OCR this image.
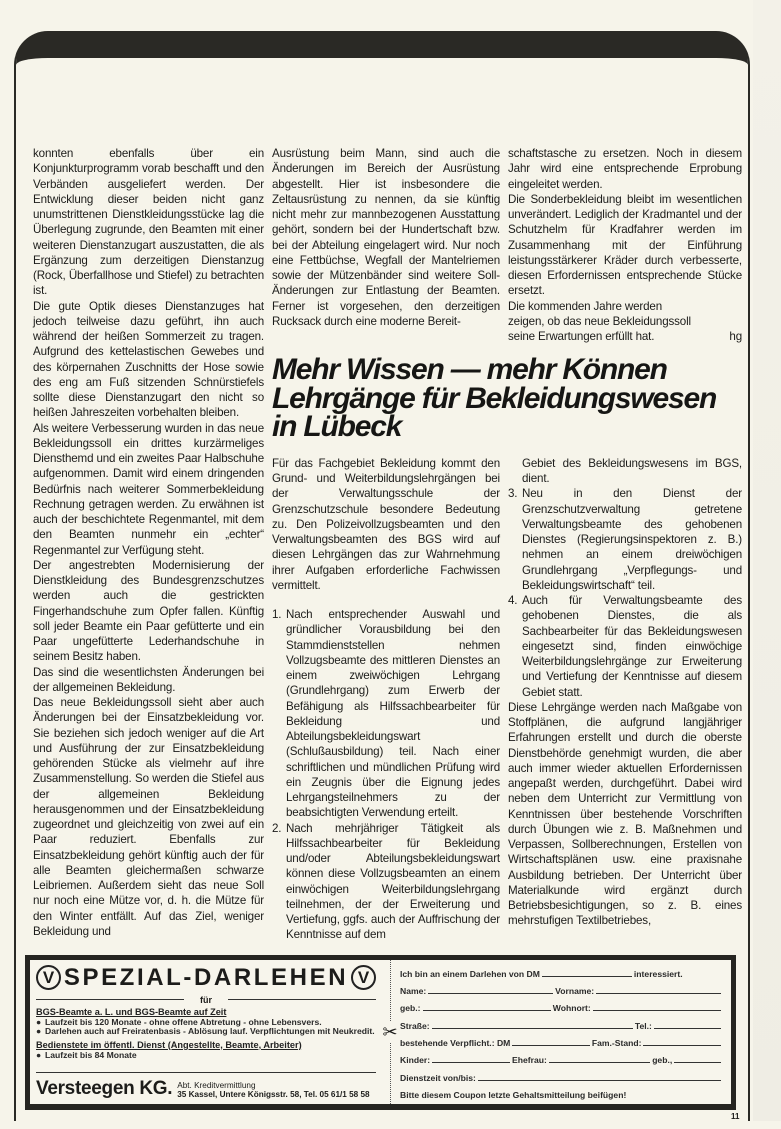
konnten ebenfalls über ein Konjunkturprogramm vorab beschafft und den Verbänden ausgeliefert werden. Der Entwicklung dieser beiden nicht ganz unumstrittenen Dienstkleidungsstücke lag die Überlegung zugrunde, den Beamten mit einer weiteren Dienstanzugart auszustatten, die als Ergänzung zum derzeitigen Dienstanzug (Rock, Überfallhose und Stiefel) zu betrachten ist.

Die gute Optik dieses Dienstanzuges hat jedoch teilweise dazu geführt, ihn auch während der heißen Sommerzeit zu tragen. Aufgrund des kettelastischen Gewebes und des körpernahen Zuschnitts der Hose sowie des eng am Fuß sitzenden Schnürstiefels sollte diese Dienstanzugart den nicht so heißen Jahreszeiten vorbehalten bleiben.

Als weitere Verbesserung wurden in das neue Bekleidungssoll ein drittes kurzärmeliges Diensthemd und ein zweites Paar Halbschuhe aufgenommen. Damit wird einem dringenden Bedürfnis nach weiterer Sommerbekleidung Rechnung getragen werden. Zu erwähnen ist auch der beschichtete Regenmantel, mit dem den Beamten nunmehr ein „echter“ Regenmantel zur Verfügung steht.

Der angestrebten Modernisierung der Dienstkleidung des Bundesgrenzschutzes werden auch die gestrickten Fingerhandschuhe zum Opfer fallen. Künftig soll jeder Beamte ein Paar gefütterte und ein Paar ungefütterte Lederhandschuhe in seinem Besitz haben.

Das sind die wesentlichsten Änderungen bei der allgemeinen Bekleidung.

Das neue Bekleidungssoll sieht aber auch Änderungen bei der Einsatzbekleidung vor. Sie beziehen sich jedoch weniger auf die Art und Ausführung der zur Einsatzbekleidung gehörenden Stücke als vielmehr auf ihre Zusammenstellung. So werden die Stiefel aus der allgemeinen Bekleidung herausgenommen und der Einsatzbekleidung zugeordnet und gleichzeitig von zwei auf ein Paar reduziert. Ebenfalls zur Einsatzbekleidung gehört künftig auch der für alle Beamten gleichermaßen schwarze Leibriemen. Außerdem sieht das neue Soll nur noch eine Mütze vor, d. h. die Mütze für den Winter entfällt. Auf das Ziel, weniger Bekleidung und

Ausrüstung beim Mann, sind auch die Änderungen im Bereich der Ausrüstung abgestellt. Hier ist insbesondere die Zeltausrüstung zu nennen, da sie künftig nicht mehr zur mannbezogenen Ausstattung gehört, sondern bei der Hundertschaft bzw. bei der Abteilung eingelagert wird. Nur noch eine Fettbüchse, Wegfall der Mantelriemen sowie der Mützenbänder sind weitere Soll-Änderungen zur Entlastung der Beamten. Ferner ist vorgesehen, den derzeitigen Rucksack durch eine moderne Bereit-

schaftstasche zu ersetzen. Noch in diesem Jahr wird eine entsprechende Erprobung eingeleitet werden.

Die Sonderbekleidung bleibt im wesentlichen unverändert. Lediglich der Kradmantel und der Schutzhelm für Kradfahrer werden im Zusammenhang mit der Einführung leistungsstärkerer Kräder durch verbesserte, diesen Erfordernissen entsprechende Stücke ersetzt.

Die kommenden Jahre werden zeigen, ob das neue Bekleidungssoll seine Erwartungen erfüllt hat.	hg
Mehr Wissen — mehr Können
Lehrgänge für Bekleidungswesen
in Lübeck

Für das Fachgebiet Bekleidung kommt den Grund- und Weiterbildungslehrgängen bei der Verwaltungsschule der Grenzschutzschule besondere Bedeutung zu. Den Polizeivollzugsbeamten und den Verwaltungsbeamten des BGS wird auf diesen Lehrgängen das zur Wahrnehmung ihrer Aufgaben erforderliche Fachwissen vermittelt.

1. Nach entsprechender Auswahl und gründlicher Vorausbildung bei den Stammdienststellen nehmen Vollzugsbeamte des mittleren Dienstes an einem zweiwöchigen Lehrgang (Grundlehrgang) zum Erwerb der Befähigung als Hilfssachbearbeiter für Bekleidung und Abteilungsbekleidungswart (Schlußausbildung) teil. Nach einer schriftlichen und mündlichen Prüfung wird ein Zeugnis über die Eignung jedes Lehrgangsteilnehmers zu der beabsichtigten Verwendung erteilt.
2. Nach mehrjähriger Tätigkeit als Hilfssachbearbeiter für Bekleidung und/oder Abteilungsbekleidungswart können diese Vollzugsbeamten an einem einwöchigen Weiterbildungslehrgang teilnehmen, der der Erweiterung und Vertiefung, ggfs. auch der Auffrischung der Kenntnisse auf dem
Gebiet des Bekleidungswesens im BGS, dient.
3. Neu in den Dienst der Grenzschutzverwaltung getretene Verwaltungsbeamte des gehobenen Dienstes (Regierungsinspektoren z. B.) nehmen an einem dreiwöchigen Grundlehrgang „Verpflegungs- und Bekleidungswirtschaft“ teil.
4. Auch für Verwaltungsbeamte des gehobenen Dienstes, die als Sachbearbeiter für das Bekleidungswesen eingesetzt sind, finden einwöchige Weiterbildungslehrgänge zur Erweiterung und Vertiefung der Kenntnisse auf diesem Gebiet statt.

Diese Lehrgänge werden nach Maßgabe von Stoffplänen, die aufgrund langjähriger Erfahrungen erstellt und durch die oberste Dienstbehörde genehmigt wurden, die aber auch immer wieder aktuellen Erfordernissen angepaßt werden, durchgeführt. Dabei wird neben dem Unterricht zur Vermittlung von Kenntnissen über bestehende Vorschriften durch Übungen wie z. B. Maßnehmen und Verpassen, Sollberechnungen, Erstellen von Wirtschaftsplänen usw. eine praxisnahe Ausbildung betrieben. Der Unterricht über Materialkunde wird ergänzt durch Betriebsbesichtigungen, so z. B. eines mehrstufigen Textilbetriebes,

V SPEZIAL-DARLEHEN V
für
BGS-Beamte a. L. und BGS-Beamte auf Zeit
● Laufzeit bis 120 Monate - ohne offene Abtretung - ohne Lebensvers.
● Darlehen auch auf Freiratenbasis - Ablösung lauf. Verpflichtungen mit Neukredit.
Bedienstete im öffentl. Dienst (Angestellte, Beamte, Arbeiter)
● Laufzeit bis 84 Monate
Versteegen KG. Abt. Kreditvermittlung
35 Kassel, Untere Königsstr. 58, Tel. 05 61/1 58 58
✂
Ich bin an einem Darlehen von DM	interessiert.
Name:	Vorname:
geb.:	Wohnort:
Straße:	Tel.:
bestehende Verpflicht.: DM	Fam.-Stand:
Kinder:	Ehefrau:	geb.,
Dienstzeit von/bis:
Bitte diesem Coupon letzte Gehaltsmitteilung beifügen!
11
